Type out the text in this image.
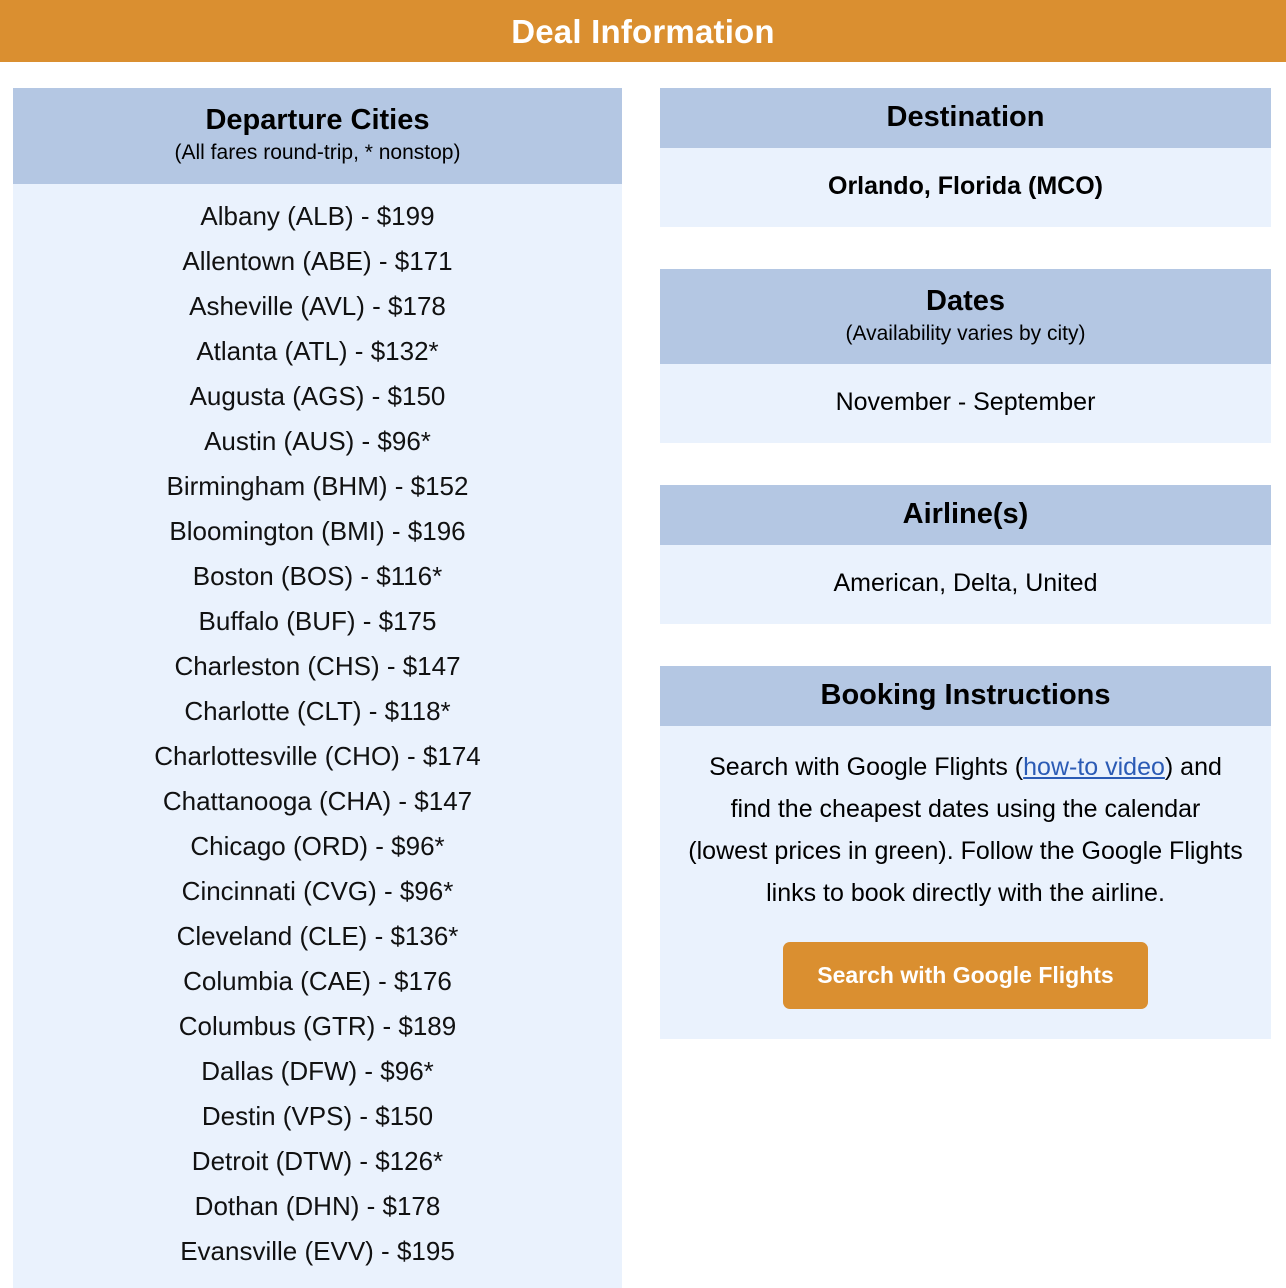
Deal Information
Departure Cities
(All fares round-trip, * nonstop)
Albany (ALB) - $199
Allentown (ABE) - $171
Asheville (AVL) - $178
Atlanta (ATL) - $132*
Augusta (AGS) - $150
Austin (AUS) - $96*
Birmingham (BHM) - $152
Bloomington (BMI) - $196
Boston (BOS) - $116*
Buffalo (BUF) - $175
Charleston (CHS) - $147
Charlotte (CLT) - $118*
Charlottesville (CHO) - $174
Chattanooga (CHA) - $147
Chicago (ORD) - $96*
Cincinnati (CVG) - $96*
Cleveland (CLE) - $136*
Columbia (CAE) - $176
Columbus (GTR) - $189
Dallas (DFW) - $96*
Destin (VPS) - $150
Detroit (DTW) - $126*
Dothan (DHN) - $178
Evansville (EVV) - $195
Destination
Orlando, Florida (MCO)
Dates
(Availability varies by city)
November - September
Airline(s)
American, Delta, United
Booking Instructions
Search with Google Flights (how-to video) and find the cheapest dates using the calendar (lowest prices in green). Follow the Google Flights links to book directly with the airline.
Search with Google Flights
